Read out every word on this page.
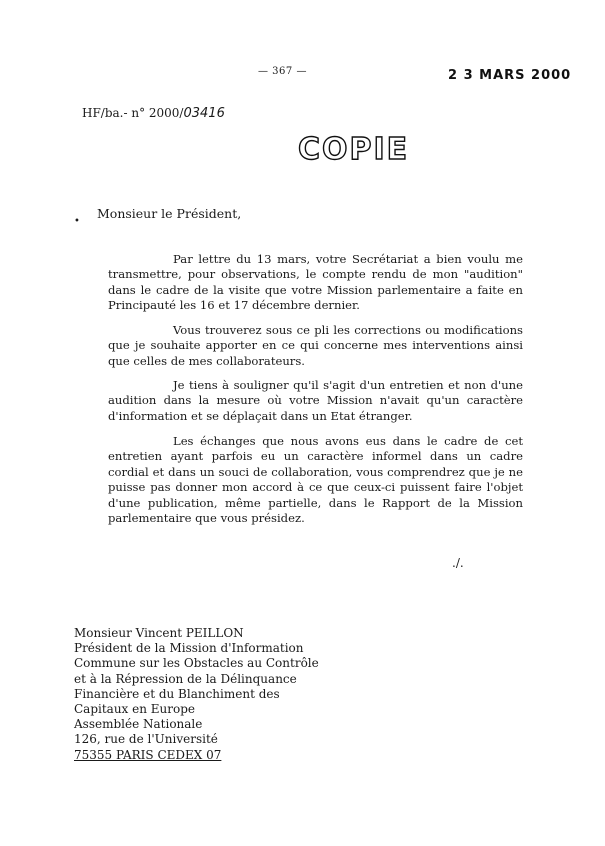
— 367 —	2 3 MARS 2000
HF/ba.- n° 2000/03416
COPIE
•
Monsieur le Président,

Par lettre du 13 mars, votre Secrétariat a bien voulu me transmettre, pour observations, le compte rendu de mon "audition" dans le cadre de la visite que votre Mission parlementaire a faite en Principauté les 16 et 17 décembre dernier.

Vous trouverez sous ce pli les corrections ou modifications que je souhaite apporter en ce qui concerne mes interventions ainsi que celles de mes collaborateurs.

Je tiens à souligner qu'il s'agit d'un entretien et non d'une audition dans la mesure où votre Mission n'avait qu'un caractère d'information et se déplaçait dans un Etat étranger.

Les échanges que nous avons eus dans le cadre de cet entretien ayant parfois eu un caractère informel dans un cadre cordial et dans un souci de collaboration, vous comprendrez que je ne puisse pas donner mon accord à ce que ceux-ci puissent faire l'objet d'une publication, même partielle, dans le Rapport de la Mission parlementaire que vous présidez.

./.
Monsieur Vincent PEILLON
Président de la Mission d'Information
Commune sur les Obstacles au Contrôle
et à la Répression de la Délinquance
Financière et du Blanchiment des
Capitaux en Europe
Assemblée Nationale
126, rue de l'Université
75355 PARIS CEDEX 07
